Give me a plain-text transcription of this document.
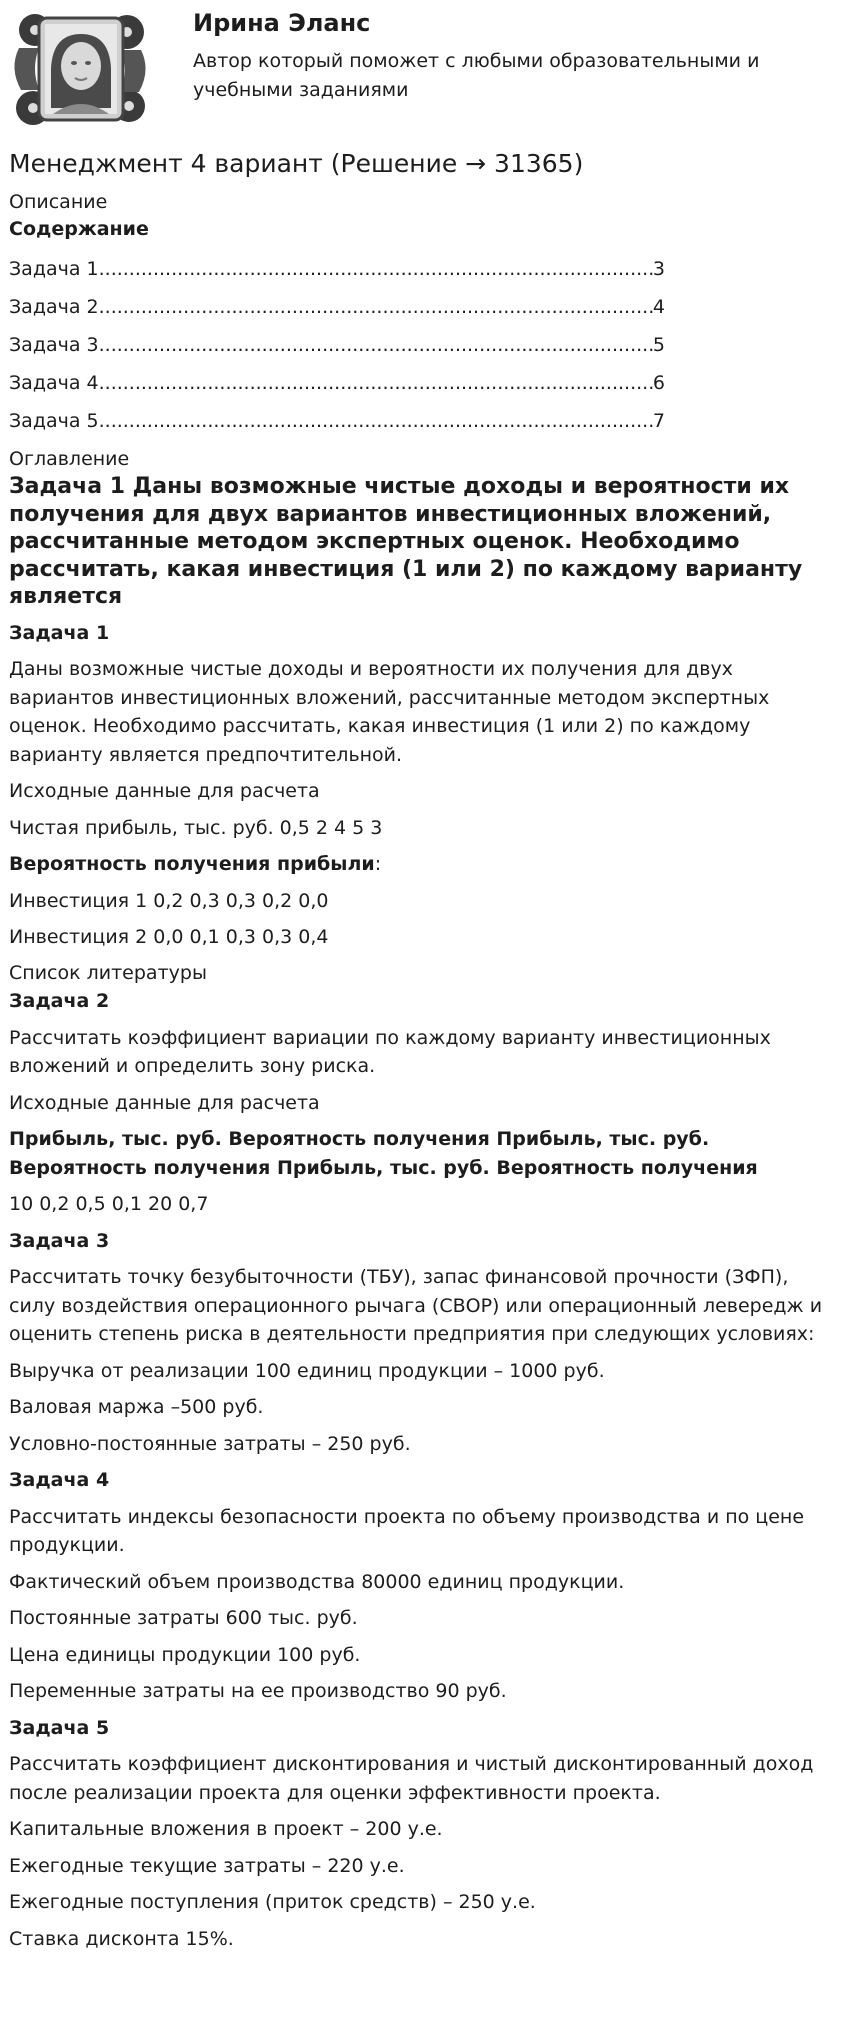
Ирина Эланс
Автор который поможет с любыми образовательными и учебными заданиями
Менеджмент 4 вариант (Решение → 31365)
Описание
Содержание
Задача 1 .....	3
Задача 2 .....	4
Задача 3 .....	5
Задача 4 .....	6
Задача 5 .....	7
Оглавление
Задача 1 Даны возможные чистые доходы и вероятности их получения для двух вариантов инвестиционных вложений, рассчитанные методом экспертных оценок. Необходимо рассчитать, какая инвестиция (1 или 2) по каждому варианту является
Задача 1

Даны возможные чистые доходы и вероятности их получения для двух вариантов инвестиционных вложений, рассчитанные методом экспертных оценок. Необходимо рассчитать, какая инвестиция (1 или 2) по каждому варианту является предпочтительной.

Исходные данные для расчета

Чистая прибыль, тыс. руб. 0,5 2 4 5 3

Вероятность получения прибыли:

Инвестиция 1 0,2 0,3 0,3 0,2 0,0

Инвестиция 2 0,0 0,1 0,3 0,3 0,4

Список литературы
Задача 2

Рассчитать коэффициент вариации по каждому варианту инвестиционных вложений и определить зону риска.

Исходные данные для расчета

Прибыль, тыс. руб. Вероятность получения Прибыль, тыс. руб. Вероятность получения Прибыль, тыс. руб. Вероятность получения

10 0,2 0,5 0,1 20 0,7

Задача 3

Рассчитать точку безубыточности (ТБУ), запас финансовой прочности (ЗФП), силу воздействия операционного рычага (СВОР) или операционный левередж и оценить степень риска в деятельности предприятия при следующих условиях:

Выручка от реализации 100 единиц продукции – 1000 руб.

Валовая маржа –500 руб.

Условно-постоянные затраты – 250 руб.

Задача 4

Рассчитать индексы безопасности проекта по объему производства и по цене продукции.

Фактический объем производства 80000 единиц продукции.

Постоянные затраты 600 тыс. руб.

Цена единицы продукции 100 руб.

Переменные затраты на ее производство 90 руб.

Задача 5

Рассчитать коэффициент дисконтирования и чистый дисконтированный доход после реализации проекта для оценки эффективности проекта.

Капитальные вложения в проект – 200 у.е.

Ежегодные текущие затраты – 220 у.е.

Ежегодные поступления (приток средств) – 250 у.е.

Ставка дисконта 15%.
